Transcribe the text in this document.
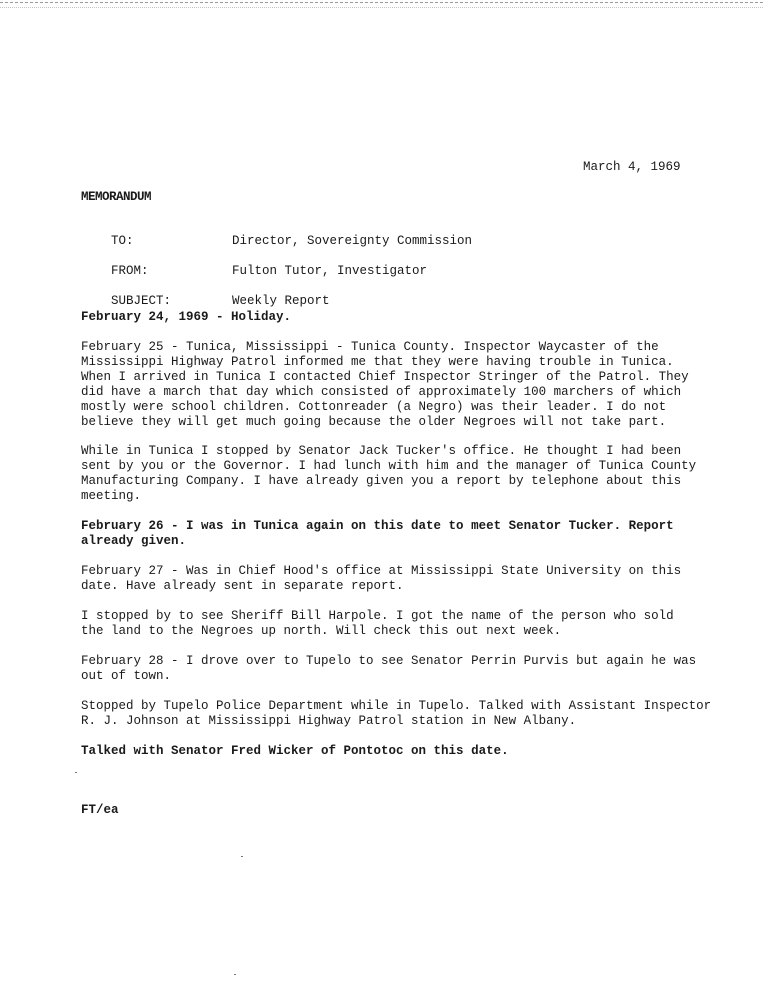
March 4, 1969
MEMORANDUM

TO:	Director, Sovereignty Commission

FROM:	Fulton Tutor, Investigator

SUBJECT:	Weekly Report

February 24, 1969 - Holiday.

February 25 - Tunica, Mississippi - Tunica County. Inspector Waycaster of the
Mississippi Highway Patrol informed me that they were having trouble in Tunica.
When I arrived in Tunica I contacted Chief Inspector Stringer of the Patrol. They
did have a march that day which consisted of approximately 100 marchers of which
mostly were school children. Cottonreader (a Negro) was their leader. I do not
believe they will get much going because the older Negroes will not take part.

While in Tunica I stopped by Senator Jack Tucker's office. He thought I had been
sent by you or the Governor. I had lunch with him and the manager of Tunica County
Manufacturing Company. I have already given you a report by telephone about this
meeting.

February 26 - I was in Tunica again on this date to meet Senator Tucker. Report
already given.

February 27 - Was in Chief Hood's office at Mississippi State University on this
date. Have already sent in separate report.

I stopped by to see Sheriff Bill Harpole. I got the name of the person who sold
the land to the Negroes up north. Will check this out next week.

February 28 - I drove over to Tupelo to see Senator Perrin Purvis but again he was
out of town.

Stopped by Tupelo Police Department while in Tupelo. Talked with Assistant Inspector
R. J. Johnson at Mississippi Highway Patrol station in New Albany.

Talked with Senator Fred Wicker of Pontotoc on this date.

FT/ea
